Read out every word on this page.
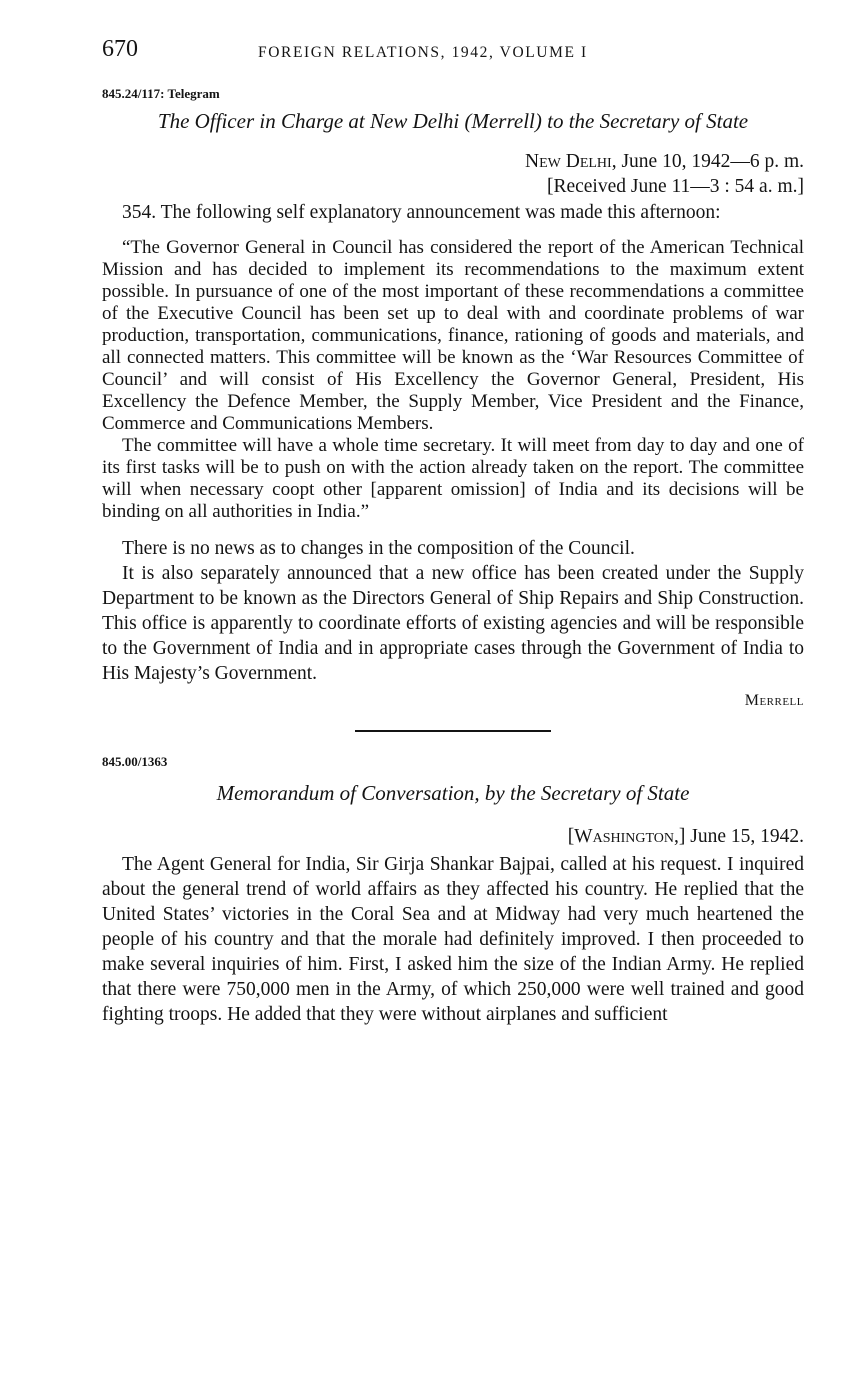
670	FOREIGN RELATIONS, 1942, VOLUME I
845.24/117: Telegram
The Officer in Charge at New Delhi (Merrell) to the Secretary of State
New Delhi, June 10, 1942—6 p. m.
[Received June 11—3 : 54 a. m.]

354. The following self explanatory announcement was made this afternoon:

“The Governor General in Council has considered the report of the American Technical Mission and has decided to implement its recommendations to the maximum extent possible. In pursuance of one of the most important of these recommendations a committee of the Executive Council has been set up to deal with and coordinate problems of war production, transportation, communications, finance, rationing of goods and materials, and all connected matters. This committee will be known as the ‘War Resources Committee of Council’ and will consist of His Excellency the Governor General, President, His Excellency the Defence Member, the Supply Member, Vice President and the Finance, Commerce and Communications Members.

The committee will have a whole time secretary. It will meet from day to day and one of its first tasks will be to push on with the action already taken on the report. The committee will when necessary coopt other [apparent omission] of India and its decisions will be binding on all authorities in India.”

There is no news as to changes in the composition of the Council.

It is also separately announced that a new office has been created under the Supply Department to be known as the Directors General of Ship Repairs and Ship Construction. This office is apparently to coordinate efforts of existing agencies and will be responsible to the Government of India and in appropriate cases through the Government of India to His Majesty’s Government.

Merrell
845.00/1363
Memorandum of Conversation, by the Secretary of State
[Washington,] June 15, 1942.

The Agent General for India, Sir Girja Shankar Bajpai, called at his request. I inquired about the general trend of world affairs as they affected his country. He replied that the United States’ victories in the Coral Sea and at Midway had very much heartened the people of his country and that the morale had definitely improved. I then proceeded to make several inquiries of him. First, I asked him the size of the Indian Army. He replied that there were 750,000 men in the Army, of which 250,000 were well trained and good fighting troops. He added that they were without airplanes and sufficient
